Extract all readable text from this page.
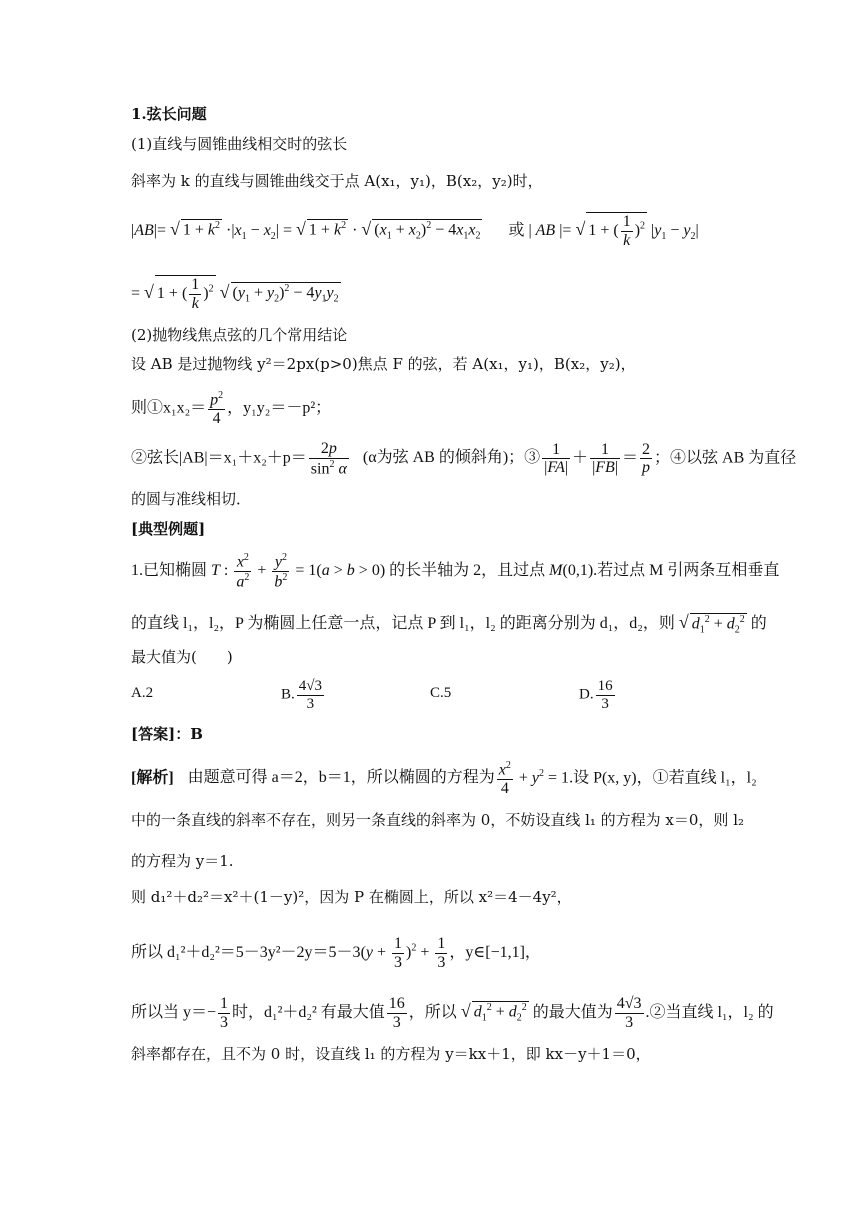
1.弦长问题
(1)直线与圆锥曲线相交时的弦长
斜率为 k 的直线与圆锥曲线交于点 A(x₁，y₁)，B(x₂，y₂)时，
|AB|= √ $1 + k^2 \cdot|x_1 - x_2|$ = √ $1 + k^2$ · √ $(x_1 + x_2)^2 - 4x_1x_2$ 或 | AB |= √ 1 + ( $\frac{1}{k} )^2$ $|y_1 - y_2|$
= √ 1 + ( $\frac{1}{k} )^2$ √ $(y_1 + y_2)^2 - 4y_1y_2$
(2)抛物线焦点弦的几个常用结论
设 AB 是过抛物线 y²＝2px(p>0)焦点 F 的弦，若 A(x₁，y₁)，B(x₂，y₂)，
则①x₁x₂＝ $\frac{p^2}{4}$ ，y₁y₂＝－p²；
②弦长$|AB|=x_1+x_2+p= \frac{2p}{\sin^2 \alpha} (\alpha$为弦 AB 的倾斜角)；③ $\frac{1}{|FA|} + \frac{1}{|FB|} = \frac{2}{p}$ ；④以弦 AB 为直径
的圆与准线相切．
[典型例题]
1.已知椭圆 T : $\frac{x^2}{a^2} + \frac{y^2}{b^2} = 1(a > b > 0)$ 的长半轴为 2，且过点 M(0,1).若过点 M 引两条互相垂直
的直线 l₁，l₂，P 为椭圆上任意一点，记点 P 到 l₁，l₂ 的距离分别为 d₁，d₂，则 √ $d_1^2 + d_2^2$ 的
最大值为(　　)
A.2	B. $\frac{4√3}{3}$	C.5	D. $\frac{16}{3}$
[答案]：B
[解析] 由题意可得 a＝2，b＝1，所以椭圆的方程为 $\frac{x^2}{4} + y^2 = 1$.设 P(x, y)，①若直线 l₁，l₂
中的一条直线的斜率不存在，则另一条直线的斜率为 0，不妨设直线 l₁ 的方程为 x＝0，则 l₂
的方程为 y＝1.
则 d₁²＋d₂²＝x²＋(1－y)²，因为 P 在椭圆上，所以 x²＝4－4y²，
所以 $d_1^2+d_2^2=5-3y^2-2y=5-3(y + \frac{1}{3} )^2 + \frac{1}{3}$ ，y∈[−1,1]，
所以当 $y=- \frac{1}{3}$ 时，d₁²＋d₂² 有最大值 $\frac{16}{3}$ ，所以 √ $d_1^2 + d_2^2$ 的最大值为 $\frac{4√3}{3}$ .②当直线 l₁，l₂ 的
斜率都存在，且不为 0 时，设直线 l₁ 的方程为 y＝kx＋1，即 kx－y＋1＝0，
